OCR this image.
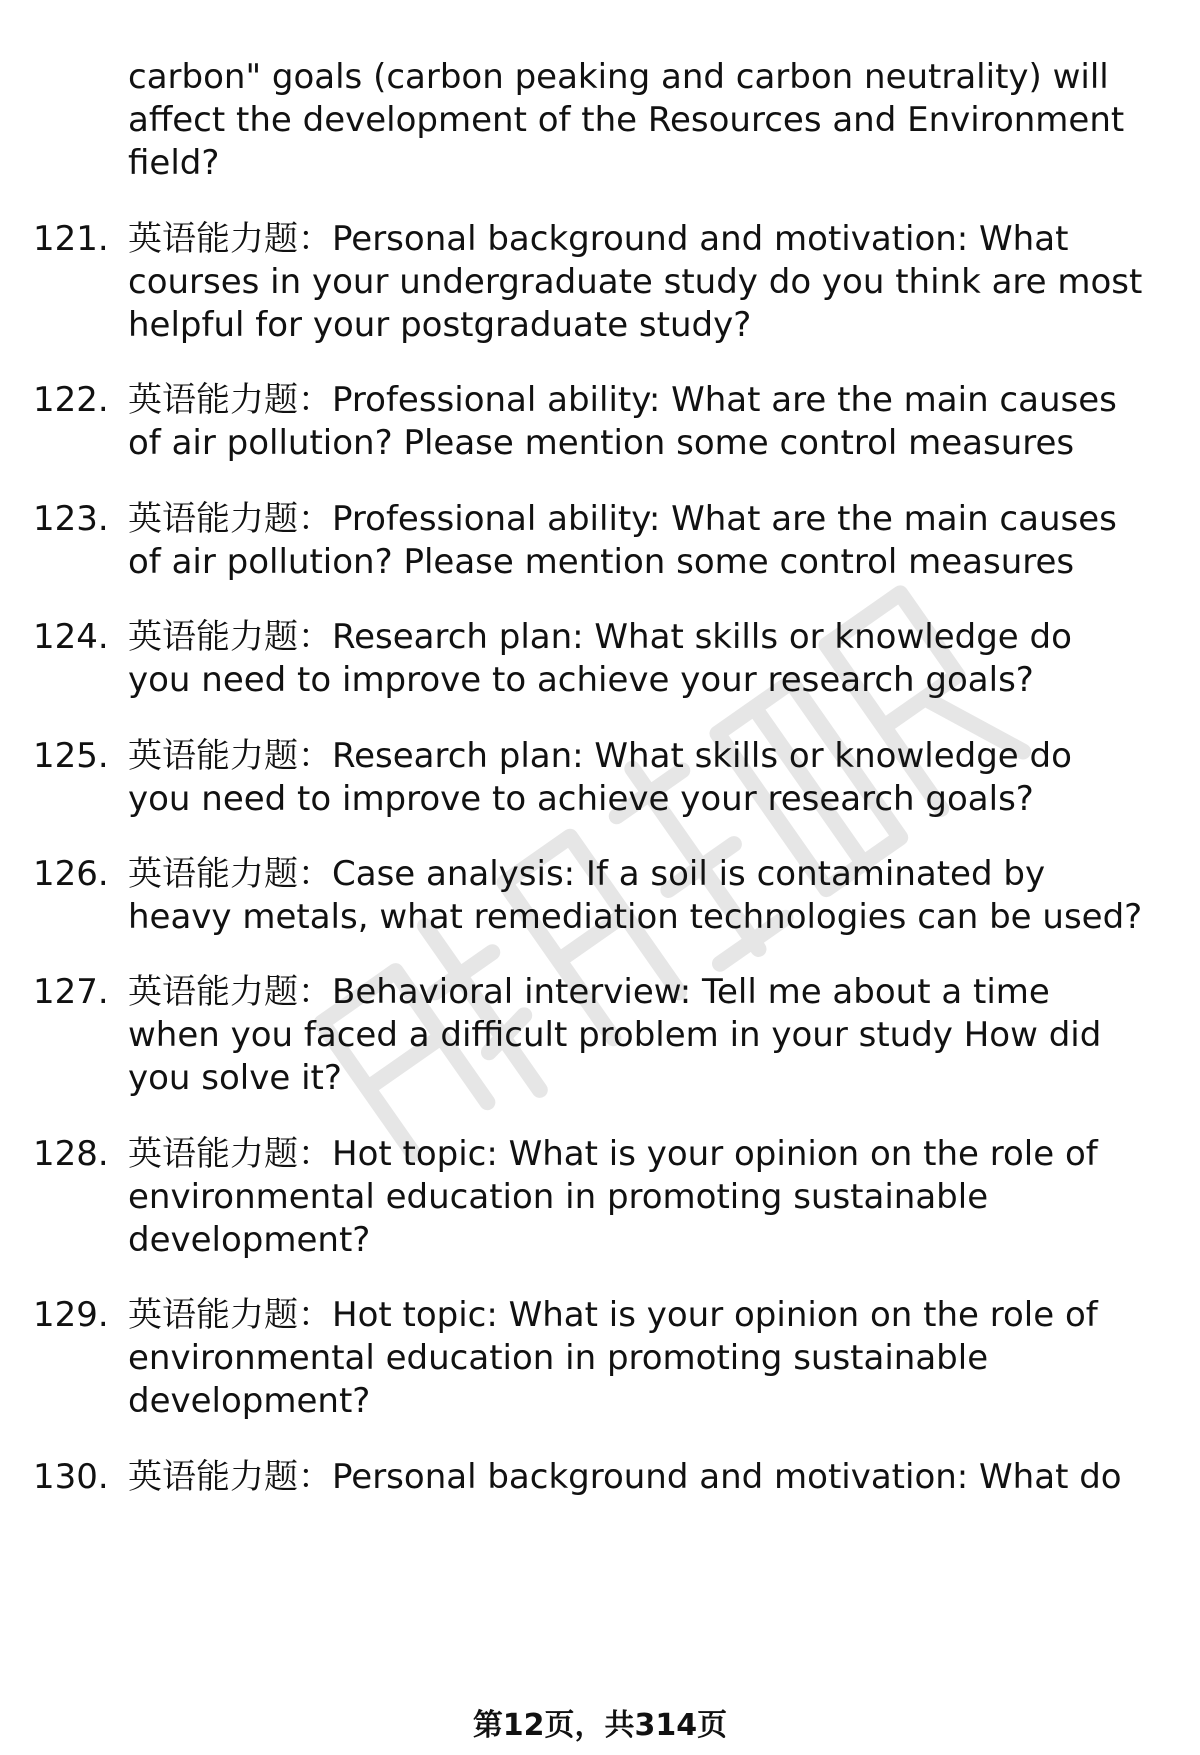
carbon" goals (carbon peaking and carbon neutrality) will
affect the development of the Resources and Environment
field?
121. 英语能力题：Personal background and motivation: What
courses in your undergraduate study do you think are most
helpful for your postgraduate study?
122. 英语能力题：Professional ability: What are the main causes
of air pollution? Please mention some control measures
123. 英语能力题：Professional ability: What are the main causes
of air pollution? Please mention some control measures
124. 英语能力题：Research plan: What skills or knowledge do
you need to improve to achieve your research goals?
125. 英语能力题：Research plan: What skills or knowledge do
you need to improve to achieve your research goals?
126. 英语能力题：Case analysis: If a soil is contaminated by
heavy metals, what remediation technologies can be used?
127. 英语能力题：Behavioral interview: Tell me about a time
when you faced a difficult problem in your study How did
you solve it?
128. 英语能力题：Hot topic: What is your opinion on the role of
environmental education in promoting sustainable
development?
129. 英语能力题：Hot topic: What is your opinion on the role of
environmental education in promoting sustainable
development?
130. 英语能力题：Personal background and motivation: What do
第12页，共314页
